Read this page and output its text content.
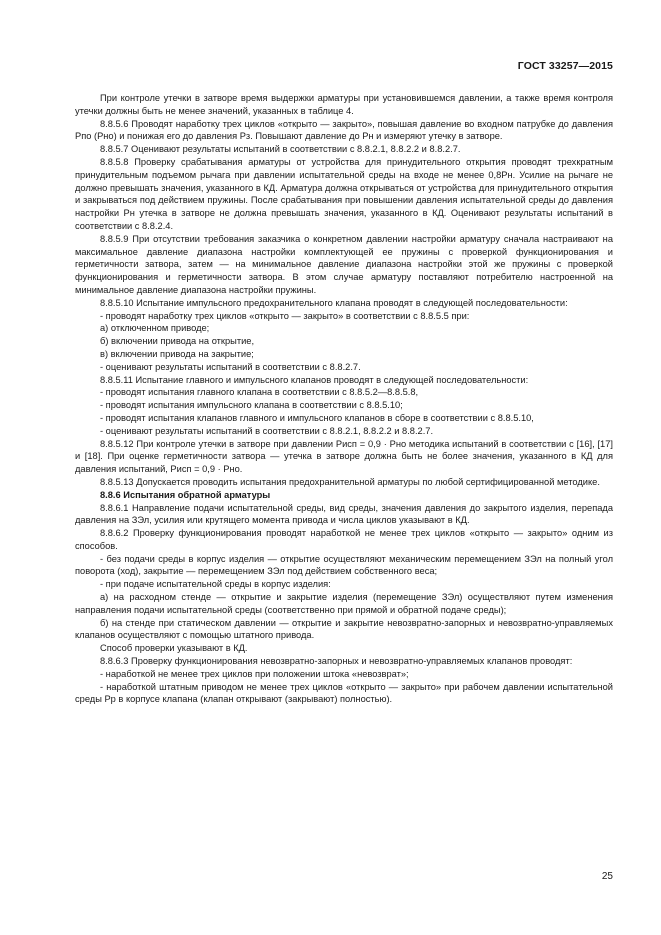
ГОСТ 33257—2015

При контроле утечки в затворе время выдержки арматуры при установившемся давлении, а также время контроля утечки должны быть не менее значений, указанных в таблице 4.

8.8.5.6 Проводят наработку трех циклов «открыто — закрыто», повышая давление во входном патрубке до давления Pпо (Pно) и понижая его до давления Pз. Повышают давление до Pн и измеряют утечку в затворе.

8.8.5.7 Оценивают результаты испытаний в соответствии с 8.8.2.1, 8.8.2.2 и 8.8.2.7.

8.8.5.8 Проверку срабатывания арматуры от устройства для принудительного открытия проводят трехкратным принудительным подъемом рычага при давлении испытательной среды на входе не менее 0,8Pн. Усилие на рычаге не должно превышать значения, указанного в КД. Арматура должна открываться от устройства для принудительного открытия и закрываться под действием пружины. После срабатывания при повышении давления испытательной среды до давления настройки Pн утечка в затворе не должна превышать значения, указанного в КД. Оценивают результаты испытаний в соответствии с 8.8.2.4.

8.8.5.9 При отсутствии требования заказчика о конкретном давлении настройки арматуру сначала настраивают на максимальное давление диапазона настройки комплектующей ее пружины с проверкой функционирования и герметичности затвора, затем — на минимальное давление диапазона настройки этой же пружины с проверкой функционирования и герметичности затвора. В этом случае арматуру поставляют потребителю настроенной на минимальное давление диапазона настройки пружины.

8.8.5.10 Испытание импульсного предохранительного клапана проводят в следующей последовательности:

- проводят наработку трех циклов «открыто — закрыто» в соответствии с 8.8.5.5 при:

а) отключенном приводе;

б) включении привода на открытие,

в) включении привода на закрытие;

- оценивают результаты испытаний в соответствии с 8.8.2.7.

8.8.5.11 Испытание главного и импульсного клапанов проводят в следующей последовательности:

- проводят испытания главного клапана в соответствии с 8.8.5.2—8.8.5.8,

- проводят испытания импульсного клапана в соответствии с 8.8.5.10;

- проводят испытания клапанов главного и импульсного клапанов в сборе в соответствии с 8.8.5.10,

- оценивают результаты испытаний в соответствии с 8.8.2.1, 8.8.2.2 и 8.8.2.7.

8.8.5.12 При контроле утечки в затворе при давлении Pисп = 0,9 · Pно методика испытаний в соответствии с [16], [17] и [18]. При оценке герметичности затвора — утечка в затворе должна быть не более значения, указанного в КД для давления испытаний, Pисп = 0,9 · Pно.

8.8.5.13 Допускается проводить испытания предохранительной арматуры по любой сертифицированной методике.

8.8.6 Испытания обратной арматуры

8.8.6.1 Направление подачи испытательной среды, вид среды, значения давления до закрытого изделия, перепада давления на ЗЭл, усилия или крутящего момента привода и числа циклов указывают в КД.

8.8.6.2 Проверку функционирования проводят наработкой не менее трех циклов «открыто — закрыто» одним из способов.

- без подачи среды в корпус изделия — открытие осуществляют механическим перемещением ЗЭл на полный угол поворота (ход), закрытие — перемещением ЗЭл под действием собственного веса;

- при подаче испытательной среды в корпус изделия:

а) на расходном стенде — открытие и закрытие изделия (перемещение ЗЭл) осуществляют путем изменения направления подачи испытательной среды (соответственно при прямой и обратной подаче среды);

б) на стенде при статическом давлении — открытие и закрытие невозвратно-запорных и невозвратно-управляемых клапанов осуществляют с помощью штатного привода.

Способ проверки указывают в КД.

8.8.6.3 Проверку функционирования невозвратно-запорных и невозвратно-управляемых клапанов проводят:

- наработкой не менее трех циклов при положении штока «невозврат»;

- наработкой штатным приводом не менее трех циклов «открыто — закрыто» при рабочем давлении испытательной среды Pр в корпусе клапана (клапан открывают (закрывают) полностью).

25
